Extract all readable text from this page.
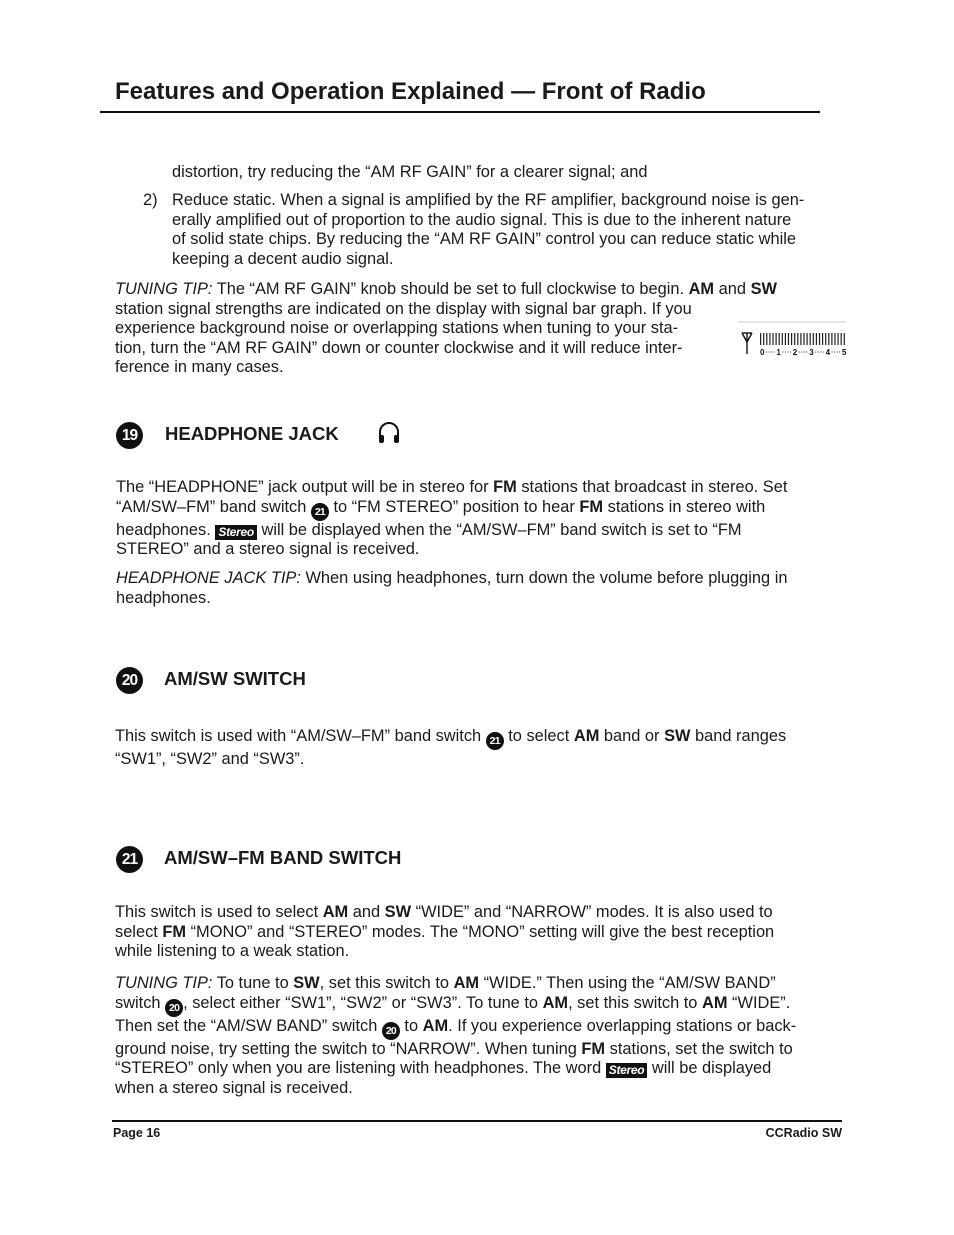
Features and Operation Explained — Front of Radio
distortion, try reducing the “AM RF GAIN” for a clearer signal; and
2) Reduce static. When a signal is amplified by the RF amplifier, background noise is gen-
erally amplified out of proportion to the audio signal. This is due to the inherent nature
of solid state chips. By reducing the “AM RF GAIN” control you can reduce static while
keeping a decent audio signal.
TUNING TIP: The “AM RF GAIN” knob should be set to full clockwise to begin. AM and SW
station signal strengths are indicated on the display with signal bar graph. If you
experience background noise or overlapping stations when tuning to your sta-
tion, turn the “AM RF GAIN” down or counter clockwise and it will reduce inter-
ference in many cases.
0 1 2 3 4 5
19	HEADPHONE JACK
The “HEADPHONE” jack output will be in stereo for FM stations that broadcast in stereo. Set
“AM/SW–FM” band switch 21 to “FM STEREO” position to hear FM stations in stereo with
headphones. Stereo will be displayed when the “AM/SW–FM” band switch is set to “FM
STEREO” and a stereo signal is received.
HEADPHONE JACK TIP: When using headphones, turn down the volume before plugging in
headphones.
20	AM/SW SWITCH
This switch is used with “AM/SW–FM” band switch 21 to select AM band or SW band ranges
“SW1”, “SW2” and “SW3”.
21	AM/SW–FM BAND SWITCH
This switch is used to select AM and SW “WIDE” and “NARROW” modes. It is also used to
select FM “MONO” and “STEREO” modes. The “MONO” setting will give the best reception
while listening to a weak station.
TUNING TIP: To tune to SW, set this switch to AM “WIDE.” Then using the “AM/SW BAND”
switch 20 , select either “SW1”, “SW2” or “SW3”. To tune to AM, set this switch to AM “WIDE”.
Then set the “AM/SW BAND” switch 20 to AM. If you experience overlapping stations or back-
ground noise, try setting the switch to “NARROW”. When tuning FM stations, set the switch to
“STEREO” only when you are listening with headphones. The word Stereo will be displayed
when a stereo signal is received.
Page 16	CCRadio SW
